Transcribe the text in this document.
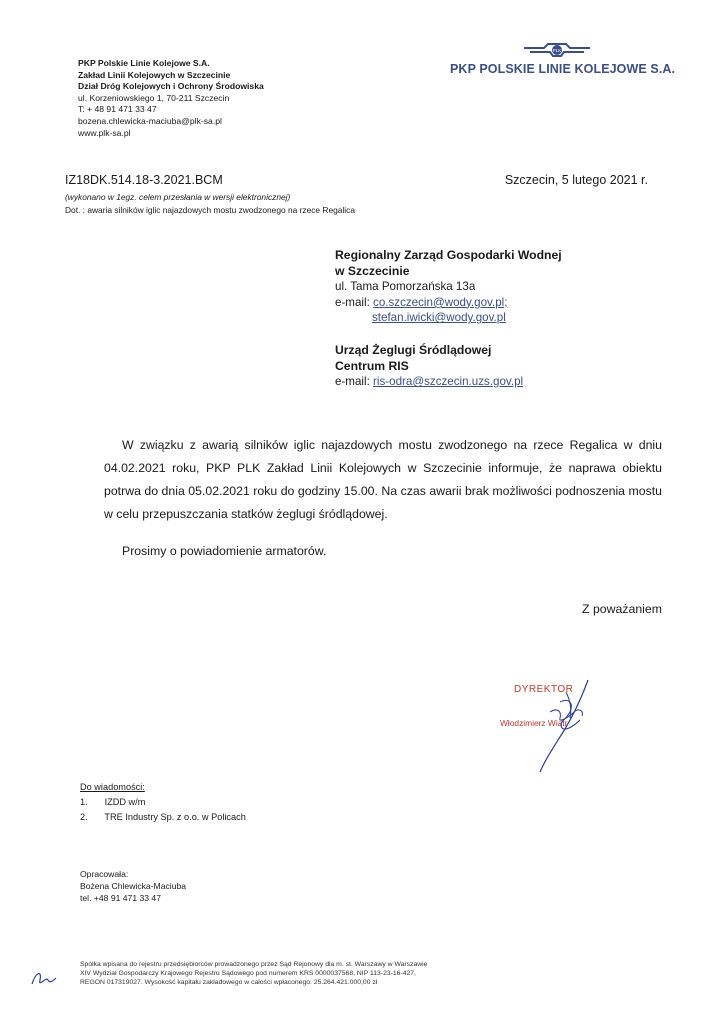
PKP Polskie Linie Kolejowe S.A.
Zakład Linii Kolejowych w Szczecinie
Dział Dróg Kolejowych i Ochrony Środowiska
ul. Korzeniowskiego 1, 70-211 Szczecin
T: + 48 91 471 33 47
bozena.chlewicka-maciuba@plk-sa.pl
www.plk-sa.pl
PLK
PKP POLSKIE LINIE KOLEJOWE S.A.
IZ18DK.514.18-3.2021.BCM	Szczecin, 5 lutego 2021 r.
(wykonano w 1egz. celem przesłania w wersji elektronicznej)
Dot. : awaria silników iglic najazdowych mostu zwodzonego na rzece Regalica
Regionalny Zarząd Gospodarki Wodnej
w Szczecinie
ul. Tama Pomorzańska 13a
e-mail: co.szczecin@wody.gov.pl;
stefan.iwicki@wody.gov.pl
Urząd Żeglugi Śródlądowej
Centrum RIS
e-mail: ris-odra@szczecin.uzs.gov.pl
W związku z awarią silników iglic najazdowych mostu zwodzonego na rzece Regalica w dniu 04.02.2021 roku, PKP PLK Zakład Linii Kolejowych w Szczecinie informuje, że naprawa obiektu potrwa do dnia 05.02.2021 roku do godziny 15.00. Na czas awarii brak możliwości podnoszenia mostu w celu przepuszczania statków żeglugi śródlądowej.
Prosimy o powiadomienie armatorów.
Z poważaniem
DYREKTOR
Włodzimierz Wiatr
Do wiadomości:
1. IZDD w/m
2. TRE Industry Sp. z o.o. w Policach
Opracowała:
Bożena Chlewicka-Maciuba
tel. +48 91 471 33 47
Spółka wpisana do rejestru przedsiębiorców prowadzonego przez Sąd Rejonowy dla m. st. Warszawy w Warszawie
XIV Wydział Gospodarczy Krajowego Rejestru Sądowego pod numerem KRS 0000037568, NIP 113-23-16-427,
REGON 017319027. Wysokość kapitału zakładowego w całości wpłaconego: 25.264.421.000,00 zł
